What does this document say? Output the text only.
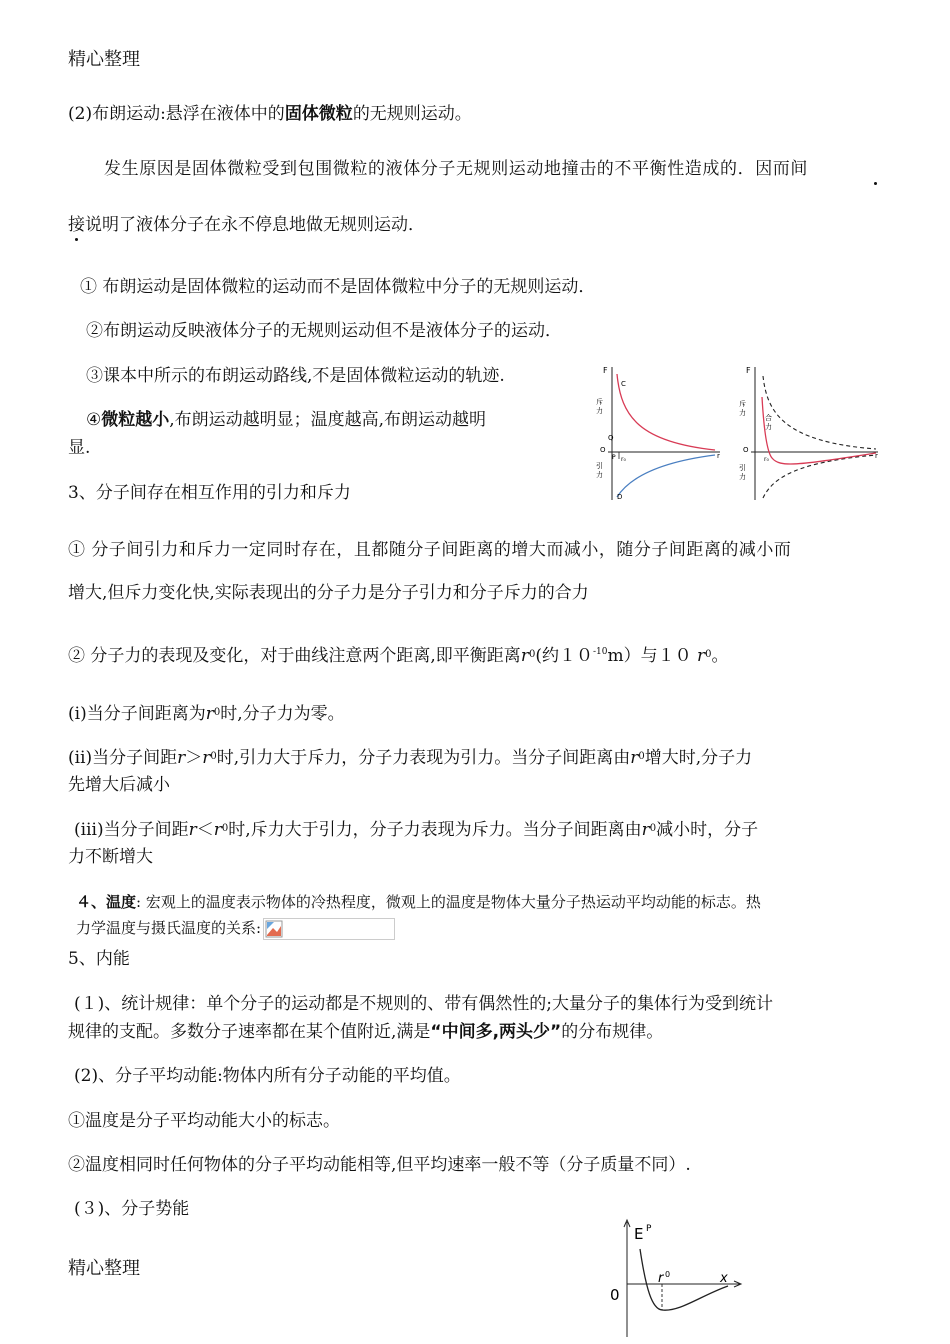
精心整理
(2)布朗运动:悬浮在液体中的固体微粒的无规则运动。
发生原因是固体微粒受到包围微粒的液体分子无规则运动地撞击的不平衡性造成的．因而间
接说明了液体分子在永不停息地做无规则运动．
① 布朗运动是固体微粒的运动而不是固体微粒中分子的无规则运动．
②布朗运动反映液体分子的无规则运动但不是液体分子的运动．
③课本中所示的布朗运动路线,不是固体微粒运动的轨迹.
④微粒越小,布朗运动越明显；温度越高,布朗运动越明
显.
3、分子间存在相互作用的引力和斥力
F
斥
力
O
引
力
C
Q
P r₀
D
r
F
斥
力
O
引
力
合
力
r₀	r
① 分子间引力和斥力一定同时存在，且都随分子间距离的增大而减小，随分子间距离的减小而
增大,但斥力变化快,实际表现出的分子力是分子引力和分子斥力的合力
② 分子力的表现及变化，对于曲线注意两个距离,即平衡距离$r^0$(约$10^{-10}m$）与１０ $r^0$。
(ⅰ)当分子间距离为$r^0$时,分子力为零。
(ⅱ)当分子间距$r>r^0$时,引力大于斥力，分子力表现为引力。当分子间距离由$r^0$增大时,分子力
先增大后减小
(ⅲ)当分子间距$r<r^0$时,斥力大于引力，分子力表现为斥力。当分子间距离由$r^0$减小时，分子
力不断增大
４、温度: 宏观上的温度表示物体的冷热程度，微观上的温度是物体大量分子热运动平均动能的标志。热
力学温度与摄氏温度的关系:
5、内能
(１)、统计规律：单个分子的运动都是不规则的、带有偶然性的;大量分子的集体行为受到统计
规律的支配。多数分子速率都在某个值附近,满是“中间多,两头少”的分布规律。
(2)、分子平均动能:物体内所有分子动能的平均值。
①温度是分子平均动能大小的标志。
②温度相同时任何物体的分子平均动能相等,但平均速率一般不等（分子质量不同）.
(３)、分子势能
E P
0
r 0	x
精心整理
